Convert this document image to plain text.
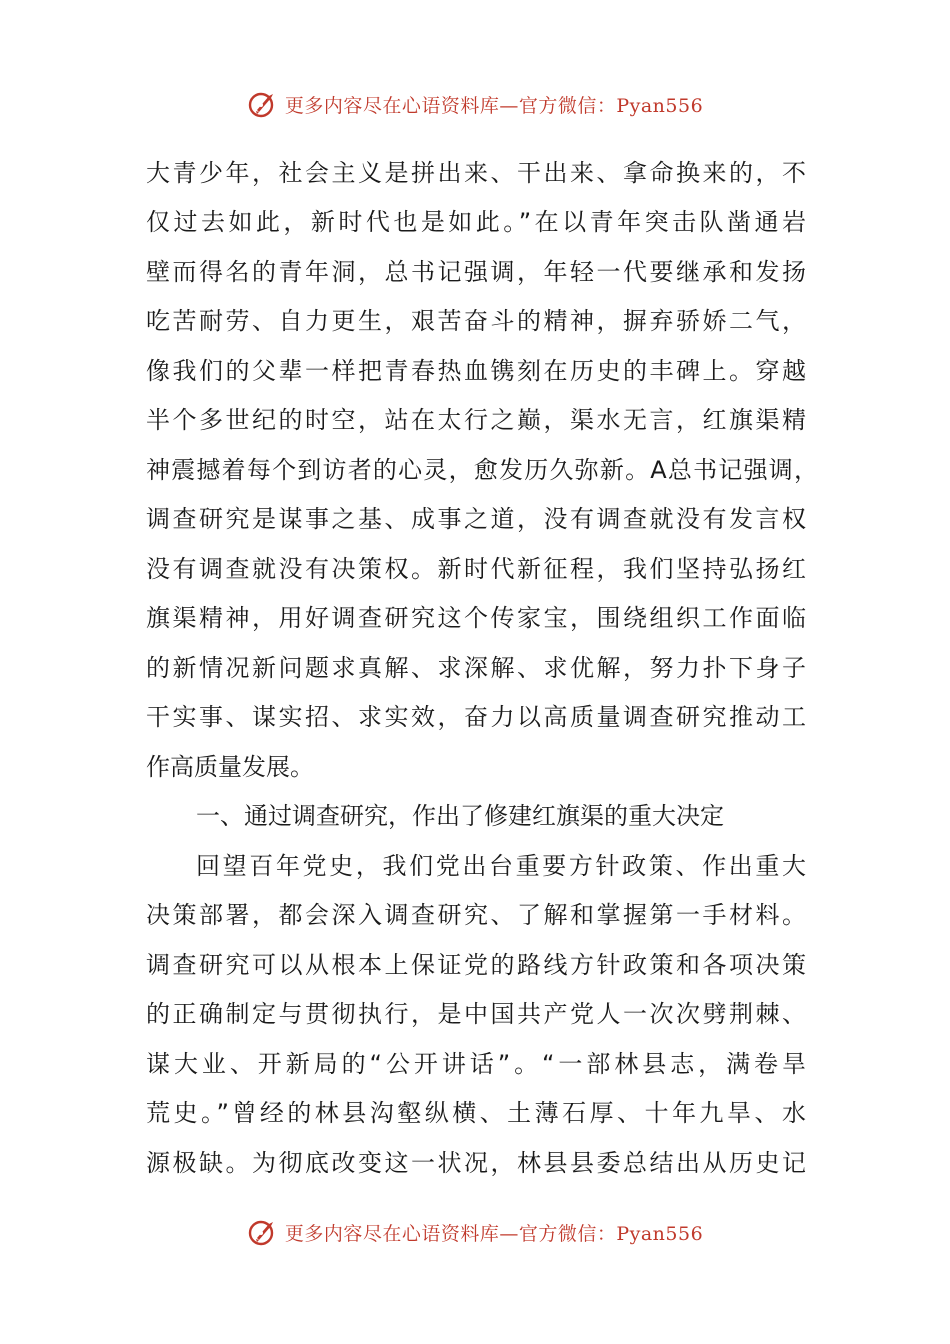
更多内容尽在心语资料库—官方微信：Pyan556
大青少年，社会主义是拼出来、干出来、拿命换来的，不
仅过去如此，新时代也是如此。”在以青年突击队凿通岩
壁而得名的青年洞，总书记强调，年轻一代要继承和发扬
吃苦耐劳、自力更生，艰苦奋斗的精神，摒弃骄娇二气，
像我们的父辈一样把青春热血镌刻在历史的丰碑上。穿越
半个多世纪的时空，站在太行之巅，渠水无言，红旗渠精
神震撼着每个到访者的心灵，愈发历久弥新。A总书记强调，
调查研究是谋事之基、成事之道，没有调查就没有发言权
没有调查就没有决策权。新时代新征程，我们坚持弘扬红
旗渠精神，用好调查研究这个传家宝，围绕组织工作面临
的新情况新问题求真解、求深解、求优解，努力扑下身子
干实事、谋实招、求实效，奋力以高质量调查研究推动工
作高质量发展。
一、通过调查研究，作出了修建红旗渠的重大决定
回望百年党史，我们党出台重要方针政策、作出重大
决策部署，都会深入调查研究、了解和掌握第一手材料。
调查研究可以从根本上保证党的路线方针政策和各项决策
的正确制定与贯彻执行，是中国共产党人一次次劈荆棘、
谋大业、开新局的“公开讲话”。“一部林县志，满卷旱
荒史。”曾经的林县沟壑纵横、土薄石厚、十年九旱、水
源极缺。为彻底改变这一状况，林县县委总结出从历史记
更多内容尽在心语资料库—官方微信：Pyan556
